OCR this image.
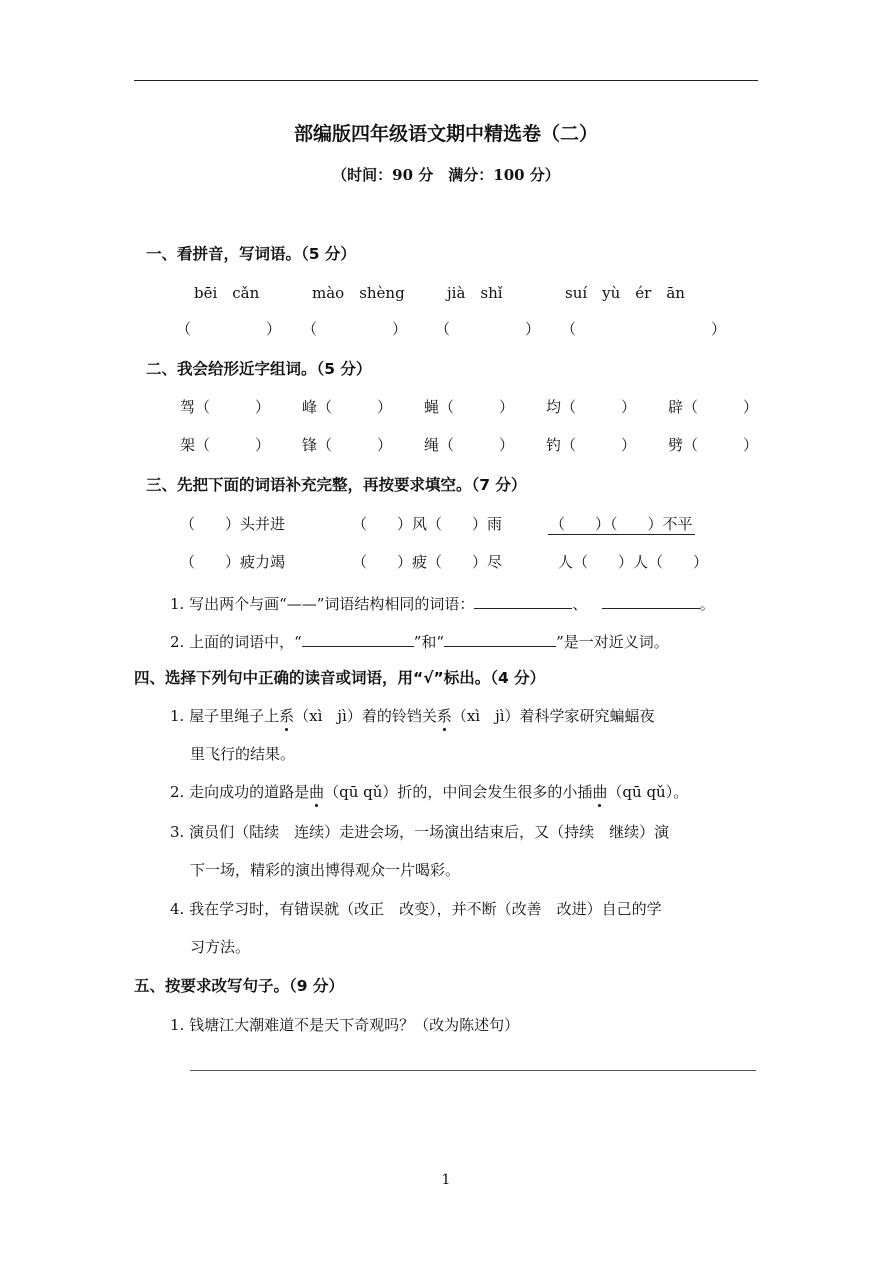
部编版四年级语文期中精选卷（二）
（时间：90 分　满分：100 分）
一、看拼音，写词语。（5 分）
bēi　cǎn	mào　shèng	jià　shǐ	suí　yù　ér　ān
（　　　　　） （　　　　　） （　　　　　） （　　　　　　　　　）
二、我会给形近字组词。（5 分）
驾（　　　） 峰（　　　） 蝇（　　　） 均（　　　） 辟（　　　）
架（　　　） 锋（　　　） 绳（　　　） 钓（　　　） 劈（　　　）
三、先把下面的词语补充完整，再按要求填空。（7 分）
（　　）头并进	（　　）风（　　）雨	（　　）（　　）不平
（　　）疲力竭	（　　）疲（　　）尽	人（　　）人（　　）
1. 写出两个与画“——”词语结构相同的词语：	、	。
2. 上面的词语中，“	”和“	”是一对近义词。
四、选择下列句中正确的读音或词语，用“√”标出。（4 分）
1. 屋子里绳子上系（xì　jì）着的铃铛关系（xì　jì）着科学家研究蝙蝠夜
里飞行的结果。
2. 走向成功的道路是曲（qū qǔ）折的，中间会发生很多的小插曲（qū qǔ）。
3. 演员们（陆续　连续）走进会场，一场演出结束后，又（持续　继续）演
下一场，精彩的演出博得观众一片喝彩。
4. 我在学习时，有错误就（改正　改变），并不断（改善　改进）自己的学
习方法。
五、按要求改写句子。（9 分）
1. 钱塘江大潮难道不是天下奇观吗？（改为陈述句）
1
